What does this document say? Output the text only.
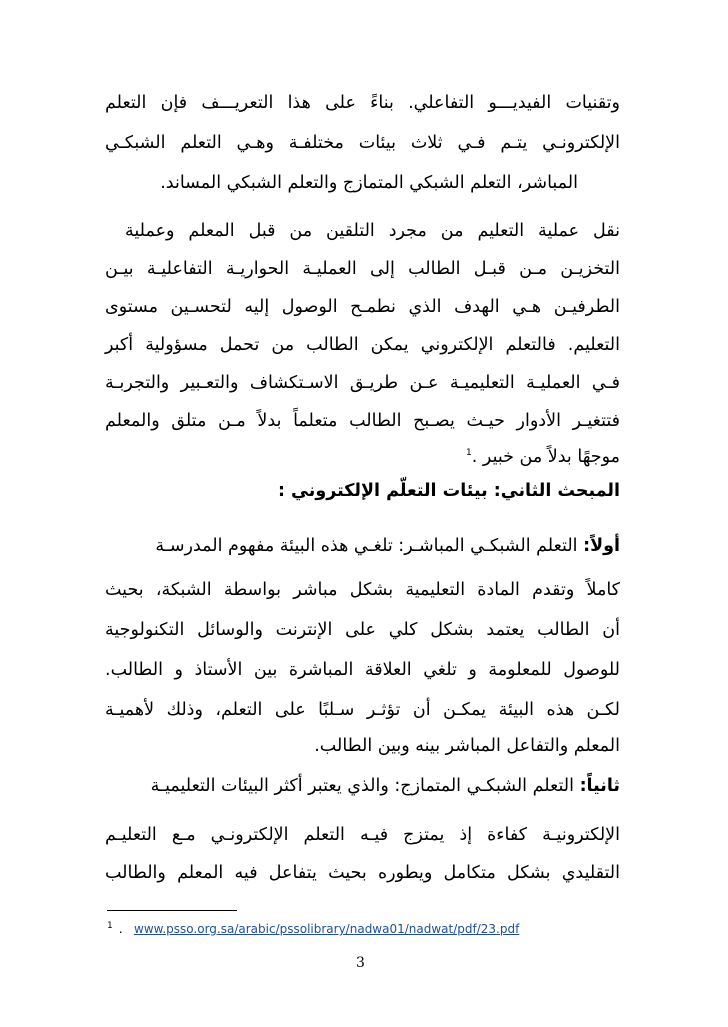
وتقنيات الفيديـــو التفاعلي. بناءً على هذا التعريـــف فإن التعلم
الإلكترونـي يتـم فـي ثلاث بيئات مختلفـة وهـي التعلم الشبكـي
المباشر، التعلم الشبكي المتمازج والتعلم الشبكي المساند.
نقل عملية التعليم من مجرد التلقين من قبل المعلم وعملية
التخزيـن مـن قبـل الطالب إلى العمليـة الحواريـة التفاعليـة بيـن
الطرفيـن هـي الهدف الذي نطمـح الوصول إليه لتحسـين مستوى
التعليم. فالتعلم الإلكتروني يمكن الطالب من تحمل مسؤولية أكبر
فـي العمليـة التعليميـة عـن طريـق الاسـتكشاف والتعـبير والتجربـة
فتتغيـر الأدوار حيـث يصـبح الطالب متعلماً بدلاً مـن متلق والمعلم
موجهًا بدلاً من خبير .$^1$
المبحث الثاني: بيئات التعلّم الإلكتروني :
أولاً: التعلم الشبكـي المباشـر: تلغـي هذه البيئة مفهوم المدرسـة
كاملاً وتقدم المادة التعليمية بشكل مباشر بواسطة الشبكة، بحيث
أن الطالب يعتمد بشكل كلي على الإنترنت والوسائل التكنولوجية
للوصول للمعلومة و تلغي العلاقة المباشرة بين الأستاذ و الطالب.
لكـن هذه البيئة يمكـن أن تؤثـر سـلبًا على التعلم، وذلك لأهميـة
المعلم والتفاعل المباشر بينه وبين الطالب.
ثانياً: التعلم الشبكـي المتمازج: والذي يعتبر أكثر البيئات التعليميـة
الإلكترونيـة كفاءة إذ يمتزج فيـه التعلم الإلكترونـي مـع التعليـم
التقليدي بشكل متكامل ويطوره بحيث يتفاعل فيه المعلم والطالب
$^1$ . www.psso.org.sa/arabic/pssolibrary/nadwa01/nadwat/pdf/23.pdf
3
